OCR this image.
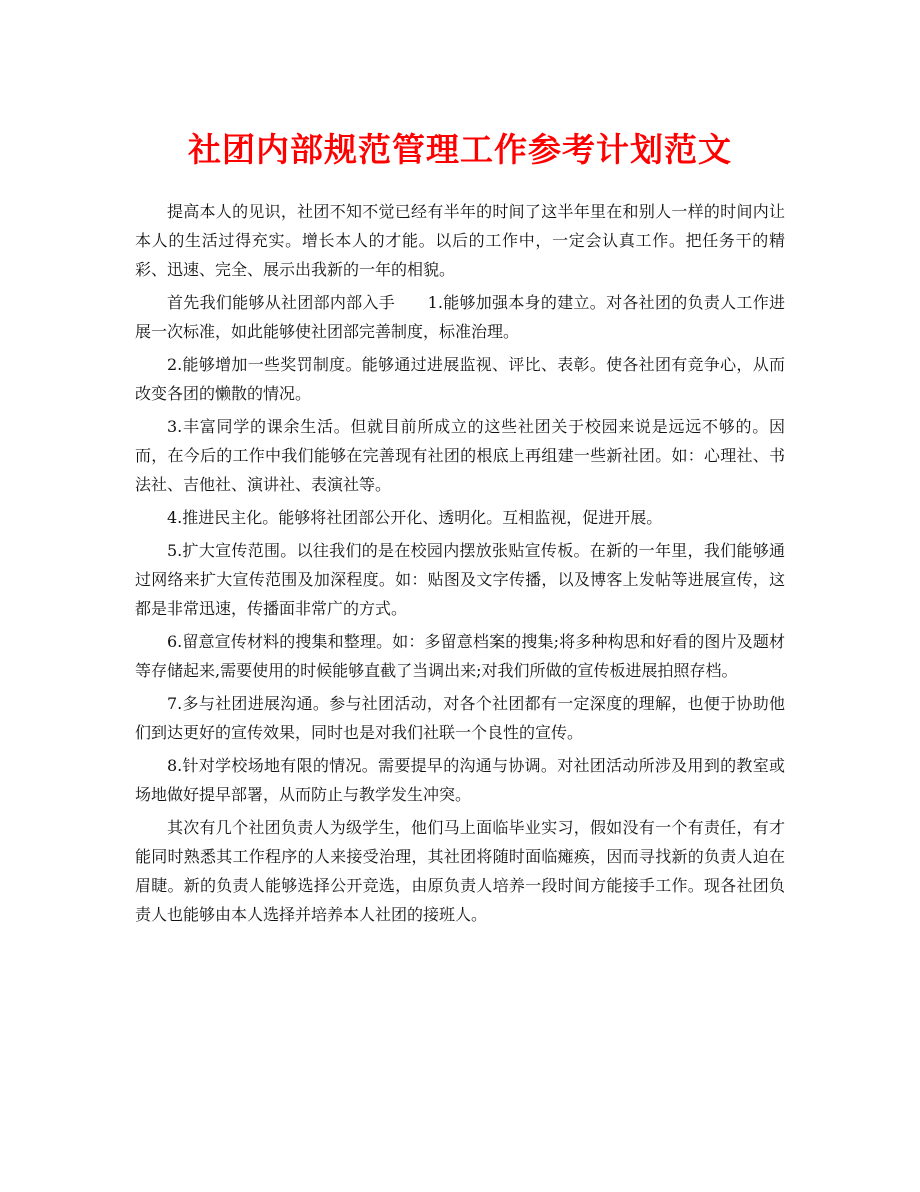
社团内部规范管理工作参考计划范文

提高本人的见识，社团不知不觉已经有半年的时间了这半年里在和别人一样的时间内让本人的生活过得充实。增长本人的才能。以后的工作中，一定会认真工作。把任务干的精彩、迅速、完全、展示出我新的一年的相貌。

首先我们能够从社团部内部入手　　1.能够加强本身的建立。对各社团的负责人工作进展一次标准，如此能够使社团部完善制度，标准治理。

2.能够增加一些奖罚制度。能够通过进展监视、评比、表彰。使各社团有竞争心，从而改变各团的懒散的情况。

3.丰富同学的课余生活。但就目前所成立的这些社团关于校园来说是远远不够的。因而，在今后的工作中我们能够在完善现有社团的根底上再组建一些新社团。如：心理社、书法社、吉他社、演讲社、表演社等。

4.推进民主化。能够将社团部公开化、透明化。互相监视，促进开展。

5.扩大宣传范围。以往我们的是在校园内摆放张贴宣传板。在新的一年里，我们能够通过网络来扩大宣传范围及加深程度。如：贴图及文字传播，以及博客上发帖等进展宣传，这都是非常迅速，传播面非常广的方式。

6.留意宣传材料的搜集和整理。如：多留意档案的搜集;将多种构思和好看的图片及题材等存储起来,需要使用的时候能够直截了当调出来;对我们所做的宣传板进展拍照存档。

7.多与社团进展沟通。参与社团活动，对各个社团都有一定深度的理解，也便于协助他们到达更好的宣传效果，同时也是对我们社联一个良性的宣传。

8.针对学校场地有限的情况。需要提早的沟通与协调。对社团活动所涉及用到的教室或场地做好提早部署，从而防止与教学发生冲突。

其次有几个社团负责人为级学生，他们马上面临毕业实习，假如没有一个有责任，有才能同时熟悉其工作程序的人来接受治理，其社团将随时面临瘫痪，因而寻找新的负责人迫在眉睫。新的负责人能够选择公开竞选，由原负责人培养一段时间方能接手工作。现各社团负责人也能够由本人选择并培养本人社团的接班人。
